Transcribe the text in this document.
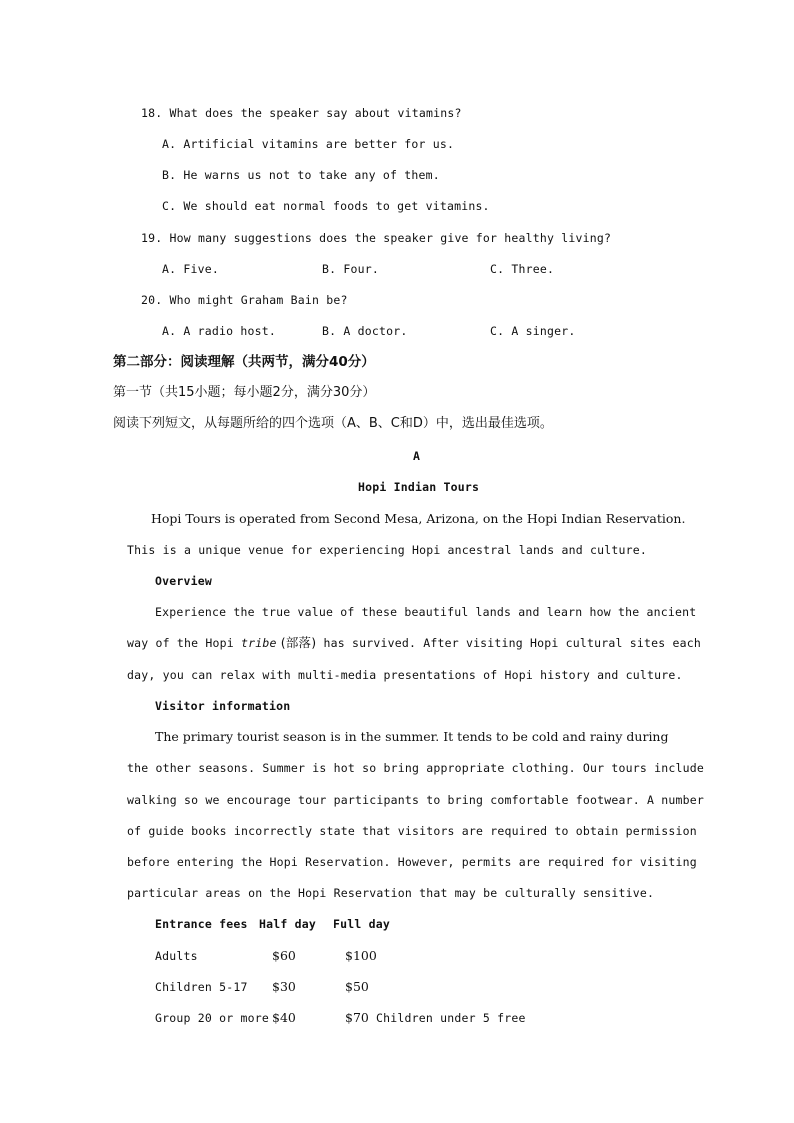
18. What does the speaker say about vitamins?
A. Artificial vitamins are better for us.
B. He warns us not to take any of them.
C. We should eat normal foods to get vitamins.
19. How many suggestions does the speaker give for healthy living?
A. Five.	B. Four.	C. Three.
20. Who might Graham Bain be?
A. A radio host.	B. A doctor.	C. A singer.
第二部分：阅读理解（共两节，满分40分）
第一节（共15小题；每小题2分，满分30分）
阅读下列短文，从每题所给的四个选项（A、B、C和D）中，选出最佳选项。
A
Hopi Indian Tours
Hopi Tours is operated from Second Mesa, Arizona, on the Hopi Indian Reservation.
This is a unique venue for experiencing Hopi ancestral lands and culture.
Overview
Experience the true value of these beautiful lands and learn how the ancient
way of the Hopi tribe (部落) has survived. After visiting Hopi cultural sites each
day, you can relax with multi-media presentations of Hopi history and culture.
Visitor information
The primary tourist season is in the summer. It tends to be cold and rainy during
the other seasons. Summer is hot so bring appropriate clothing. Our tours include
walking so we encourage tour participants to bring comfortable footwear. A number
of guide books incorrectly state that visitors are required to obtain permission
before entering the Hopi Reservation. However, permits are required for visiting
particular areas on the Hopi Reservation that may be culturally sensitive.
Entrance fees Half day Full day
Adults	$60	$100
Children 5-17 $30	$50
Group 20 or more $40	$70 Children under 5 free
